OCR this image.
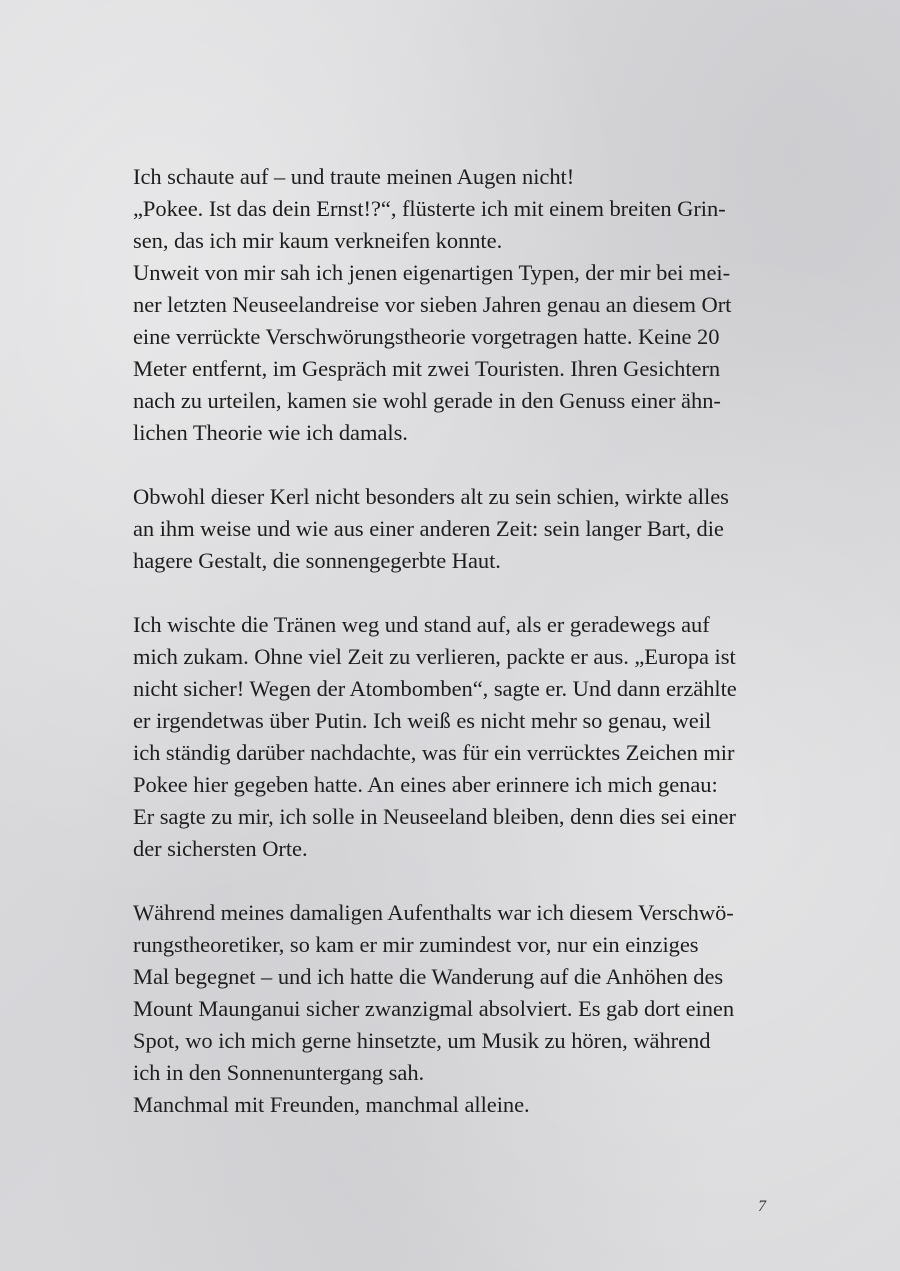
Ich schaute auf – und traute meinen Augen nicht!
„Pokee. Ist das dein Ernst!?“, flüsterte ich mit einem breiten Grin-
sen, das ich mir kaum verkneifen konnte.
Unweit von mir sah ich jenen eigenartigen Typen, der mir bei mei-
ner letzten Neuseelandreise vor sieben Jahren genau an diesem Ort
eine verrückte Verschwörungstheorie vorgetragen hatte. Keine 20
Meter entfernt, im Gespräch mit zwei Touristen. Ihren Gesichtern
nach zu urteilen, kamen sie wohl gerade in den Genuss einer ähn-
lichen Theorie wie ich damals.
Obwohl dieser Kerl nicht besonders alt zu sein schien, wirkte alles
an ihm weise und wie aus einer anderen Zeit: sein langer Bart, die
hagere Gestalt, die sonnengegerbte Haut.
Ich wischte die Tränen weg und stand auf, als er geradewegs auf
mich zukam. Ohne viel Zeit zu verlieren, packte er aus. „Europa ist
nicht sicher! Wegen der Atombomben“, sagte er. Und dann erzählte
er irgendetwas über Putin. Ich weiß es nicht mehr so genau, weil
ich ständig darüber nachdachte, was für ein verrücktes Zeichen mir
Pokee hier gegeben hatte. An eines aber erinnere ich mich genau:
Er sagte zu mir, ich solle in Neuseeland bleiben, denn dies sei einer
der sichersten Orte.
Während meines damaligen Aufenthalts war ich diesem Verschwö-
rungstheoretiker, so kam er mir zumindest vor, nur ein einziges
Mal begegnet – und ich hatte die Wanderung auf die Anhöhen des
Mount Maunganui sicher zwanzigmal absolviert. Es gab dort einen
Spot, wo ich mich gerne hinsetzte, um Musik zu hören, während
ich in den Sonnenuntergang sah.
Manchmal mit Freunden, manchmal alleine.
7
